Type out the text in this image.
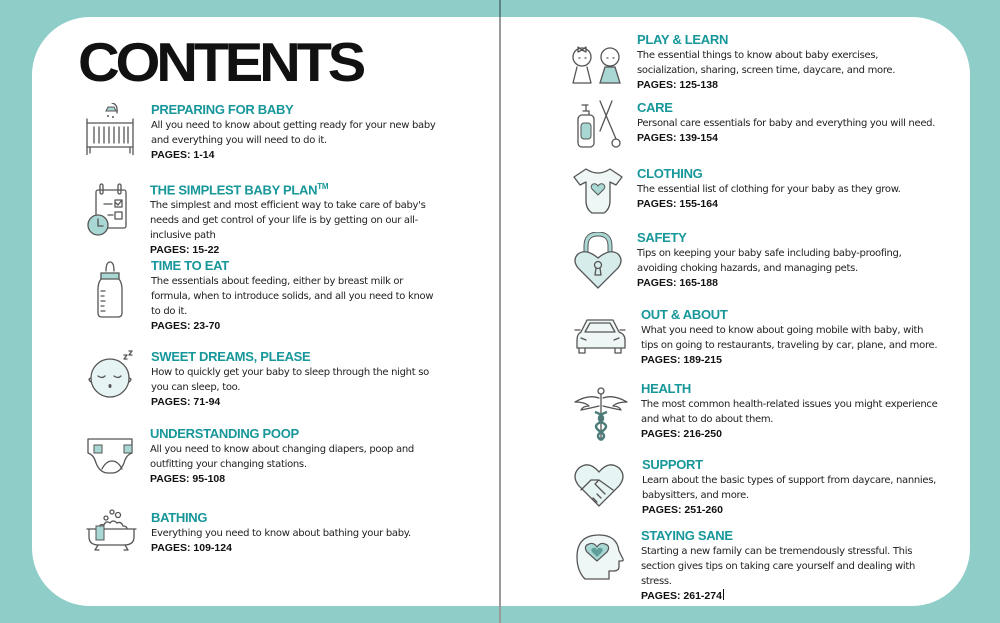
CONTENTS
PREPARING FOR BABY
All you need to know about getting ready for your new baby and everything you will need to do it.
PAGES: 1-14
THE SIMPLEST BABY PLAN™
The simplest and most efficient way to take care of baby's needs and get control of your life is by getting on our all-inclusive path
PAGES: 15-22
TIME TO EAT
The essentials about feeding, either by breast milk or formula, when to introduce solids, and all you need to know to do it.
PAGES: 23-70
SWEET DREAMS, PLEASE
How to quickly get your baby to sleep through the night so you can sleep, too.
PAGES: 71-94
UNDERSTANDING POOP
All you need to know about changing diapers, poop and outfitting your changing stations.
PAGES: 95-108
BATHING
Everything you need to know about bathing your baby.
PAGES: 109-124
PLAY & LEARN
The essential things to know about baby exercises, socialization, sharing, screen time, daycare, and more.
PAGES: 125-138
CARE
Personal care essentials for baby and everything you will need.
PAGES: 139-154
CLOTHING
The essential list of clothing for your baby as they grow.
PAGES: 155-164
SAFETY
Tips on keeping your baby safe including baby-proofing, avoiding choking hazards, and managing pets.
PAGES: 165-188
OUT & ABOUT
What you need to know about going mobile with baby, with tips on going to restaurants, traveling by car, plane, and more.
PAGES: 189-215
HEALTH
The most common health-related issues you might experience and what to do about them.
PAGES: 216-250
SUPPORT
Learn about the basic types of support from daycare, nannies, babysitters, and more.
PAGES: 251-260
STAYING SANE
Starting a new family can be tremendously stressful. This section gives tips on taking care yourself and dealing with stress.
PAGES: 261-274
